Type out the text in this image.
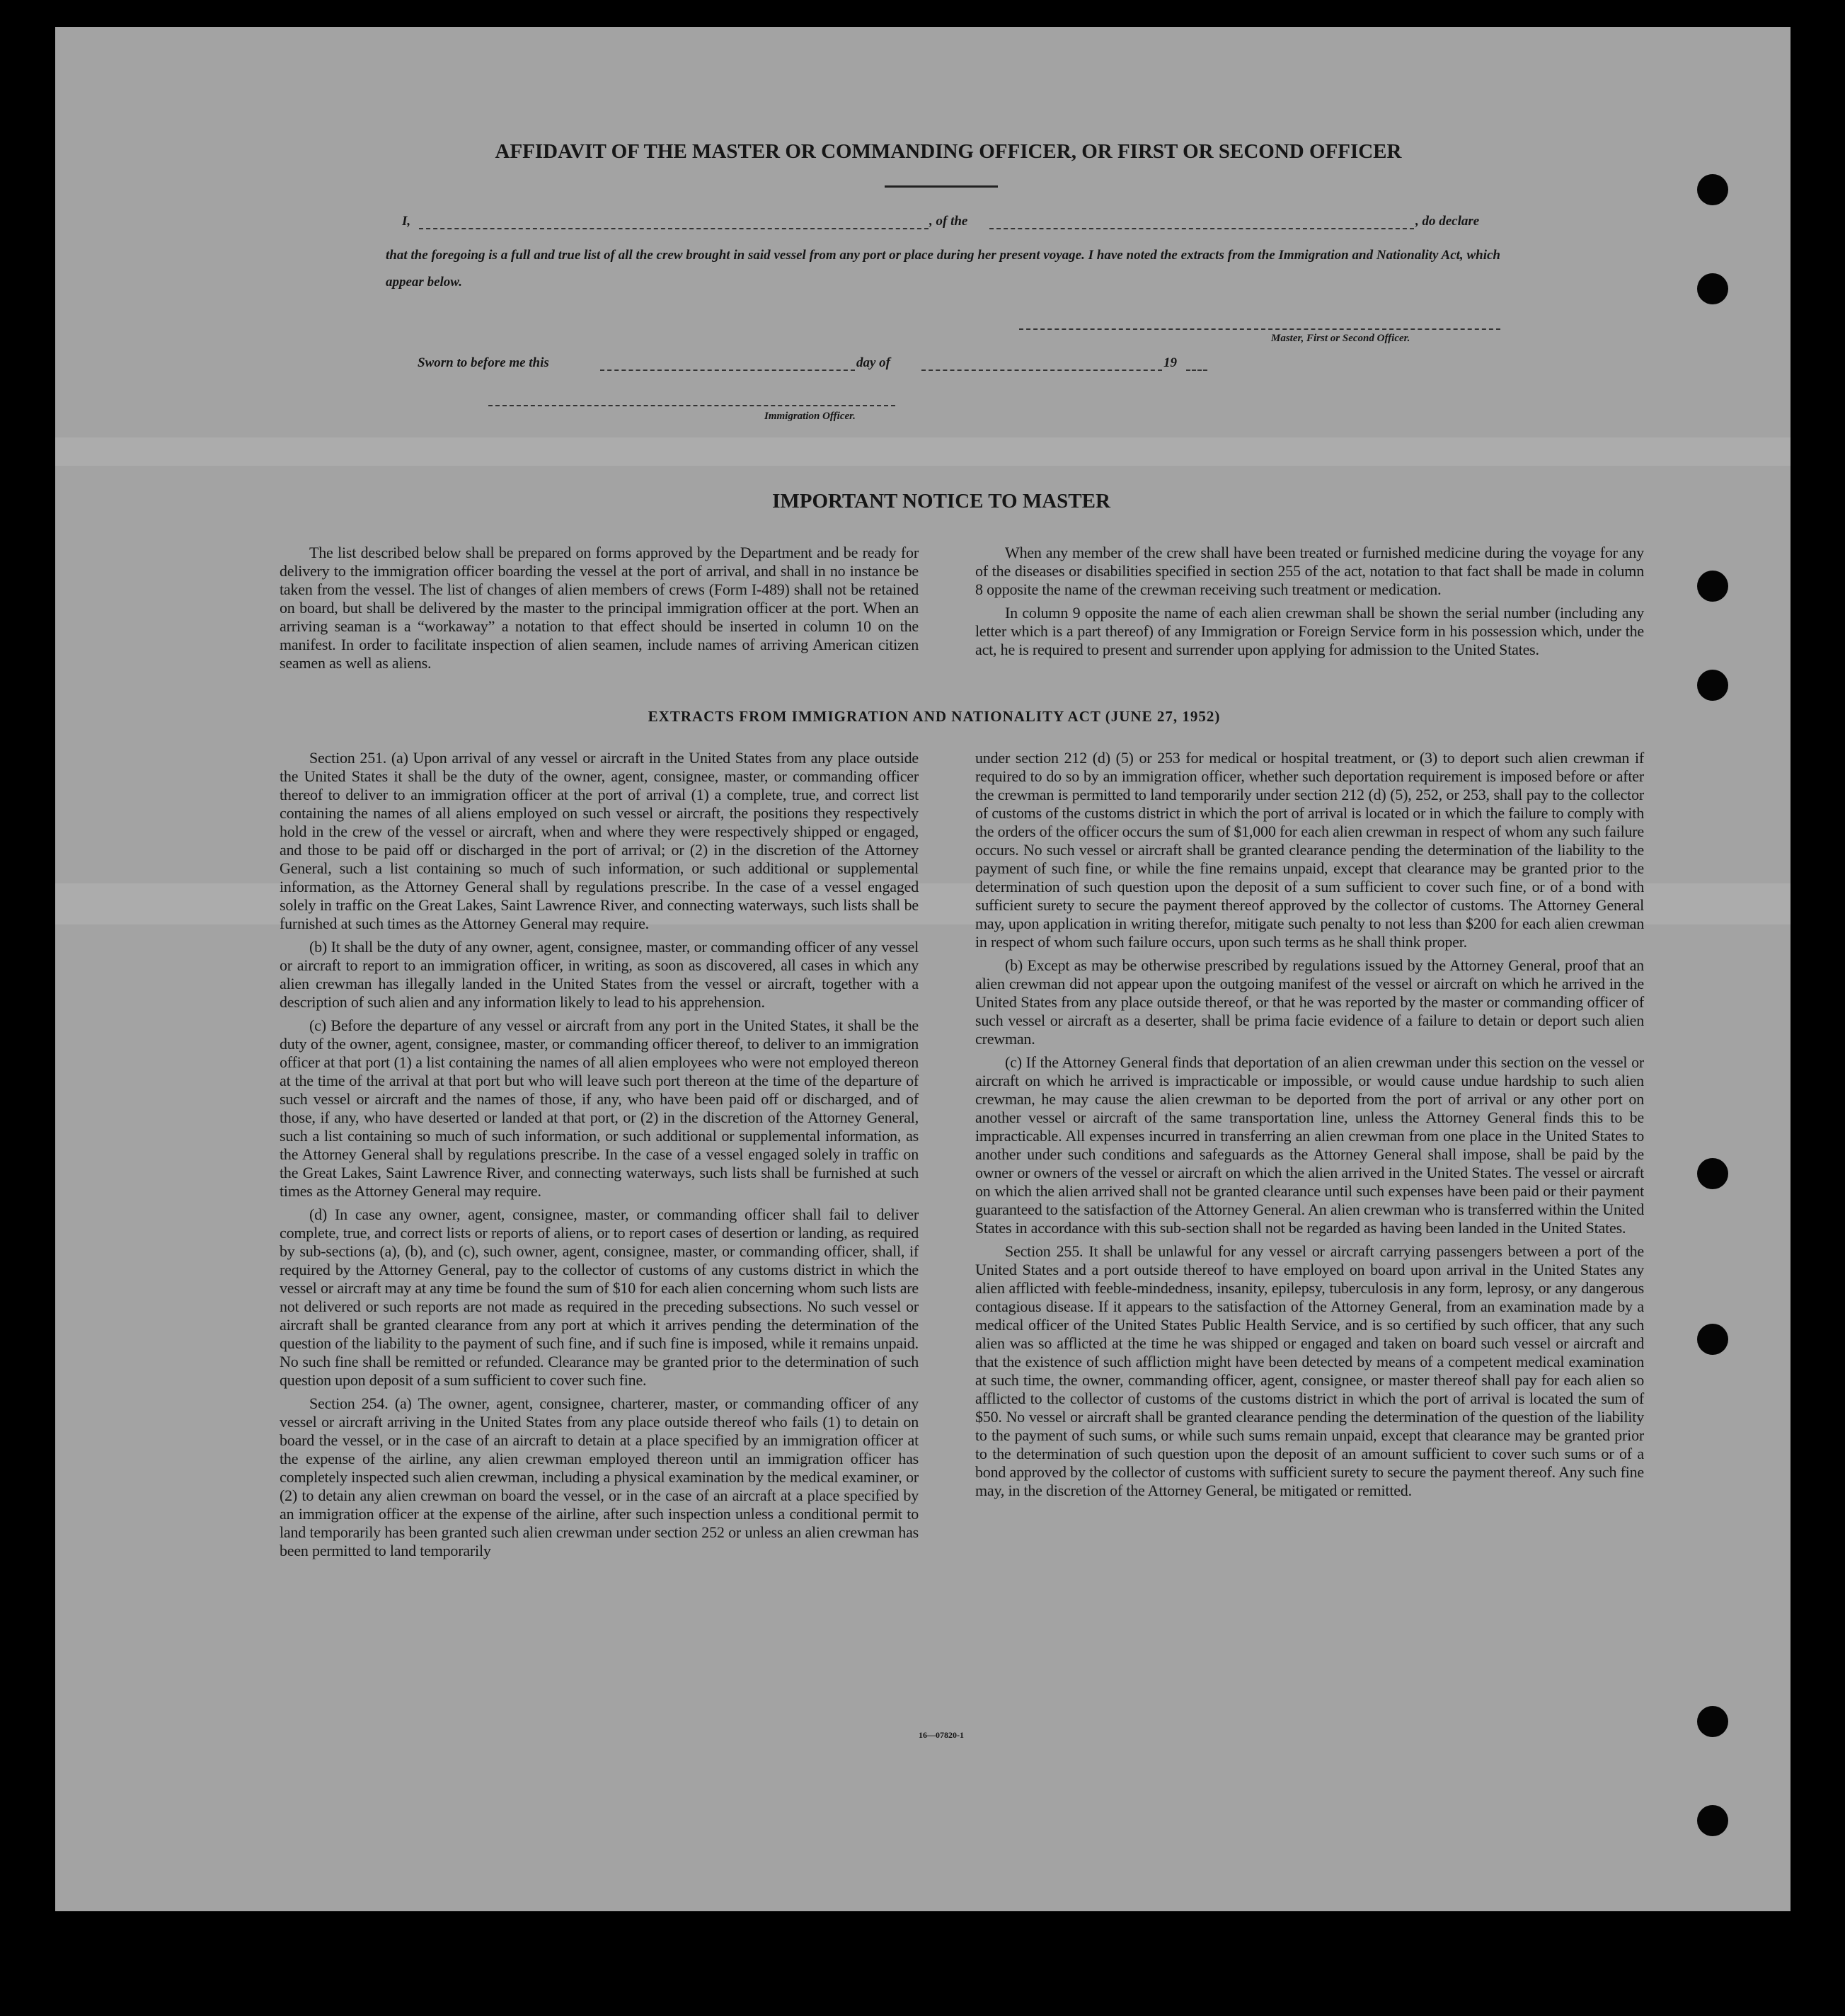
AFFIDAVIT OF THE MASTER OR COMMANDING OFFICER, OR FIRST OR SECOND OFFICER
I,	, of the	, do declare
that the foregoing is a full and true list of all the crew brought in said vessel from any port or place during her present voyage. I have noted the extracts from the Immigration and Nationality Act, which appear below.
Master, First or Second Officer.
Sworn to before me this	day of	19
Immigration Officer.
IMPORTANT NOTICE TO MASTER

The list described below shall be prepared on forms approved by the Department and be ready for delivery to the immigration officer boarding the vessel at the port of arrival, and shall in no instance be taken from the vessel. The list of changes of alien members of crews (Form I-489) shall not be retained on board, but shall be delivered by the master to the principal immigration officer at the port. When an arriving seaman is a “workaway” a notation to that effect should be inserted in column 10 on the manifest. In order to facilitate inspection of alien seamen, include names of arriving American citizen seamen as well as aliens.

When any member of the crew shall have been treated or furnished medicine during the voyage for any of the diseases or disabilities specified in section 255 of the act, notation to that fact shall be made in column 8 opposite the name of the crewman receiving such treatment or medication.

In column 9 opposite the name of each alien crewman shall be shown the serial number (including any letter which is a part thereof) of any Immigration or Foreign Service form in his possession which, under the act, he is required to present and surrender upon applying for admission to the United States.

EXTRACTS FROM IMMIGRATION AND NATIONALITY ACT (JUNE 27, 1952)

Section 251. (a) Upon arrival of any vessel or aircraft in the United States from any place outside the United States it shall be the duty of the owner, agent, consignee, master, or commanding officer thereof to deliver to an immigration officer at the port of arrival (1) a complete, true, and correct list containing the names of all aliens employed on such vessel or aircraft, the positions they respectively hold in the crew of the vessel or aircraft, when and where they were respectively shipped or engaged, and those to be paid off or discharged in the port of arrival; or (2) in the discretion of the Attorney General, such a list containing so much of such information, or such additional or supplemental information, as the Attorney General shall by regulations prescribe. In the case of a vessel engaged solely in traffic on the Great Lakes, Saint Lawrence River, and connecting waterways, such lists shall be furnished at such times as the Attorney General may require.

(b) It shall be the duty of any owner, agent, consignee, master, or commanding officer of any vessel or aircraft to report to an immigration officer, in writing, as soon as discovered, all cases in which any alien crewman has illegally landed in the United States from the vessel or aircraft, together with a description of such alien and any information likely to lead to his apprehension.

(c) Before the departure of any vessel or aircraft from any port in the United States, it shall be the duty of the owner, agent, consignee, master, or commanding officer thereof, to deliver to an immigration officer at that port (1) a list containing the names of all alien employees who were not employed thereon at the time of the arrival at that port but who will leave such port thereon at the time of the departure of such vessel or aircraft and the names of those, if any, who have been paid off or discharged, and of those, if any, who have deserted or landed at that port, or (2) in the discretion of the Attorney General, such a list containing so much of such information, or such additional or supplemental information, as the Attorney General shall by regulations prescribe. In the case of a vessel engaged solely in traffic on the Great Lakes, Saint Lawrence River, and connecting waterways, such lists shall be furnished at such times as the Attorney General may require.

(d) In case any owner, agent, consignee, master, or commanding officer shall fail to deliver complete, true, and correct lists or reports of aliens, or to report cases of desertion or landing, as required by sub-sections (a), (b), and (c), such owner, agent, consignee, master, or commanding officer, shall, if required by the Attorney General, pay to the collector of customs of any customs district in which the vessel or aircraft may at any time be found the sum of $10 for each alien concerning whom such lists are not delivered or such reports are not made as required in the preceding subsections. No such vessel or aircraft shall be granted clearance from any port at which it arrives pending the determination of the question of the liability to the payment of such fine, and if such fine is imposed, while it remains unpaid. No such fine shall be remitted or refunded. Clearance may be granted prior to the determination of such question upon deposit of a sum sufficient to cover such fine.

Section 254. (a) The owner, agent, consignee, charterer, master, or commanding officer of any vessel or aircraft arriving in the United States from any place outside thereof who fails (1) to detain on board the vessel, or in the case of an aircraft to detain at a place specified by an immigration officer at the expense of the airline, any alien crewman employed thereon until an immigration officer has completely inspected such alien crewman, including a physical examination by the medical examiner, or (2) to detain any alien crewman on board the vessel, or in the case of an aircraft at a place specified by an immigration officer at the expense of the airline, after such inspection unless a conditional permit to land temporarily has been granted such alien crewman under section 252 or unless an alien crewman has been permitted to land temporarily

under section 212 (d) (5) or 253 for medical or hospital treatment, or (3) to deport such alien crewman if required to do so by an immigration officer, whether such deportation requirement is imposed before or after the crewman is permitted to land temporarily under section 212 (d) (5), 252, or 253, shall pay to the collector of customs of the customs district in which the port of arrival is located or in which the failure to comply with the orders of the officer occurs the sum of $1,000 for each alien crewman in respect of whom any such failure occurs. No such vessel or aircraft shall be granted clearance pending the determination of the liability to the payment of such fine, or while the fine remains unpaid, except that clearance may be granted prior to the determination of such question upon the deposit of a sum sufficient to cover such fine, or of a bond with sufficient surety to secure the payment thereof approved by the collector of customs. The Attorney General may, upon application in writing therefor, mitigate such penalty to not less than $200 for each alien crewman in respect of whom such failure occurs, upon such terms as he shall think proper.

(b) Except as may be otherwise prescribed by regulations issued by the Attorney General, proof that an alien crewman did not appear upon the outgoing manifest of the vessel or aircraft on which he arrived in the United States from any place outside thereof, or that he was reported by the master or commanding officer of such vessel or aircraft as a deserter, shall be prima facie evidence of a failure to detain or deport such alien crewman.

(c) If the Attorney General finds that deportation of an alien crewman under this section on the vessel or aircraft on which he arrived is impracticable or impossible, or would cause undue hardship to such alien crewman, he may cause the alien crewman to be deported from the port of arrival or any other port on another vessel or aircraft of the same transportation line, unless the Attorney General finds this to be impracticable. All expenses incurred in transferring an alien crewman from one place in the United States to another under such conditions and safeguards as the Attorney General shall impose, shall be paid by the owner or owners of the vessel or aircraft on which the alien arrived in the United States. The vessel or aircraft on which the alien arrived shall not be granted clearance until such expenses have been paid or their payment guaranteed to the satisfaction of the Attorney General. An alien crewman who is transferred within the United States in accordance with this sub-section shall not be regarded as having been landed in the United States.

Section 255. It shall be unlawful for any vessel or aircraft carrying passengers between a port of the United States and a port outside thereof to have employed on board upon arrival in the United States any alien afflicted with feeble-mindedness, insanity, epilepsy, tuberculosis in any form, leprosy, or any dangerous contagious disease. If it appears to the satisfaction of the Attorney General, from an examination made by a medical officer of the United States Public Health Service, and is so certified by such officer, that any such alien was so afflicted at the time he was shipped or engaged and taken on board such vessel or aircraft and that the existence of such affliction might have been detected by means of a competent medical examination at such time, the owner, commanding officer, agent, consignee, or master thereof shall pay for each alien so afflicted to the collector of customs of the customs district in which the port of arrival is located the sum of $50. No vessel or aircraft shall be granted clearance pending the determination of the question of the liability to the payment of such sums, or while such sums remain unpaid, except that clearance may be granted prior to the determination of such question upon the deposit of an amount sufficient to cover such sums or of a bond approved by the collector of customs with sufficient surety to secure the payment thereof. Any such fine may, in the discretion of the Attorney General, be mitigated or remitted.

16—07820-1
